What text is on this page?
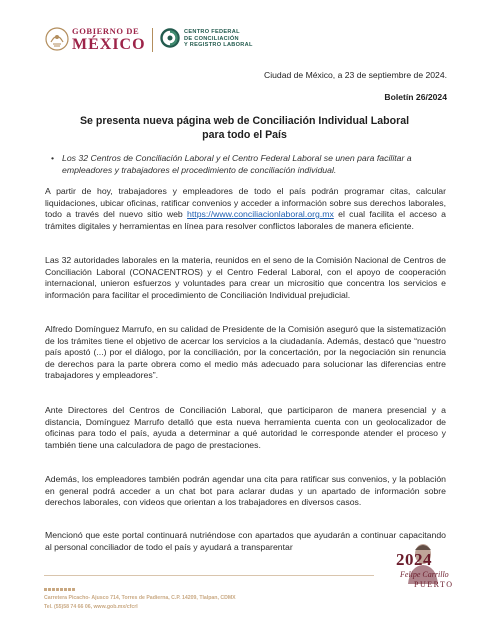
GOBIERNO DE
MÉXICO
CENTRO FEDERAL
DE CONCILIACIÓN
Y REGISTRO LABORAL
Ciudad de México, a 23 de septiembre de 2024.
Boletín 26/2024
Se presenta nueva página web de Conciliación Individual Laboral
para todo el País
• Los 32 Centros de Conciliación Laboral y el Centro Federal Laboral se unen para facilitar a empleadores y trabajadores el procedimiento de conciliación individual.
A partir de hoy, trabajadores y empleadores de todo el país podrán programar citas, calcular liquidaciones, ubicar oficinas, ratificar convenios y acceder a información sobre sus derechos laborales, todo a través del nuevo sitio web https://www.conciliacionlaboral.org.mx el cual facilita el acceso a trámites digitales y herramientas en línea para resolver conflictos laborales de manera eficiente.
Las 32 autoridades laborales en la materia, reunidos en el seno de la Comisión Nacional de Centros de Conciliación Laboral (CONACENTROS) y el Centro Federal Laboral, con el apoyo de cooperación internacional, unieron esfuerzos y voluntades para crear un micrositio que concentra los servicios e información para facilitar el procedimiento de Conciliación Individual prejudicial.
Alfredo Domínguez Marrufo, en su calidad de Presidente de la Comisión aseguró que la sistematización de los trámites tiene el objetivo de acercar los servicios a la ciudadanía. Además, destacó que “nuestro país apostó (...) por el diálogo, por la conciliación, por la concertación, por la negociación sin renuncia de derechos para la parte obrera como el medio más adecuado para solucionar las diferencias entre trabajadores y empleadores”.
Ante Directores del Centros de Conciliación Laboral, que participaron de manera presencial y a distancia, Domínguez Marrufo detalló que esta nueva herramienta cuenta con un geolocalizador de oficinas para todo el país, ayuda a determinar a qué autoridad le corresponde atender el proceso y también tiene una calculadora de pago de prestaciones.
Además, los empleadores también podrán agendar una cita para ratificar sus convenios, y la población en general podrá acceder a un chat bot para aclarar dudas y un apartado de información sobre derechos laborales, con videos que orientan a los trabajadores en diversos casos.
Mencionó que este portal continuará nutriéndose con apartados que ayudarán a continuar capacitando al personal conciliador de todo el país y ayudará a transparentar
Carretera Picacho- Ajusco 714, Torres de Padierna, C.P. 14209, Tlalpan, CDMX
Tel. (55)58 74 66 06, www.gob.mx/cfcrl
2024
Felipe Carrillo
PUERTO
